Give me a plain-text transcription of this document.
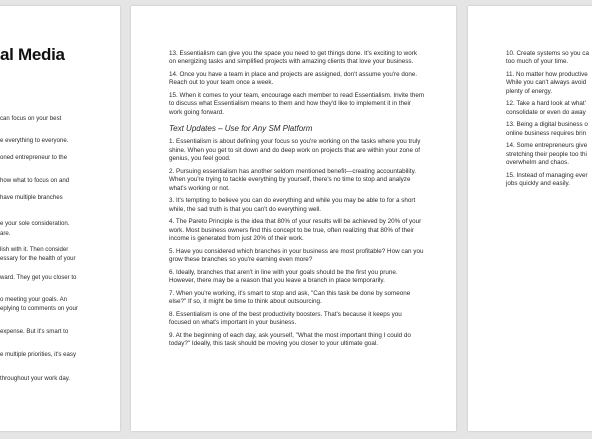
al Media

can focus on your best

e everything to everyone.

oned entrepreneur to the

how what to focus on and

have multiple branches

e your sole consideration.

are.

lish with it. Then consider

essary for the health of your

ward. They get you closer to

o meeting your goals. An

eplying to comments on your

expense. But it's smart to

e multiple priorities, it's easy

throughout your work day.

13. Essentialism can give you the space you need to get things done. It's exciting to work on energizing tasks and simplified projects with amazing clients that love your business.

14. Once you have a team in place and projects are assigned, don't assume you're done. Reach out to your team once a week.

15. When it comes to your team, encourage each member to read Essentialism. Invite them to discuss what Essentialism means to them and how they'd like to implement it in their work going forward.

Text Updates – Use for Any SM Platform

1. Essentialism is about defining your focus so you're working on the tasks where you truly shine. When you get to sit down and do deep work on projects that are within your zone of genius, you feel good.

2. Pursuing essentialism has another seldom mentioned benefit—creating accountability. When you're trying to tackle everything by yourself, there's no time to stop and analyze what's working or not.

3. It's tempting to believe you can do everything and while you may be able to for a short while, the sad truth is that you can't do everything well.

4. The Pareto Principle is the idea that 80% of your results will be achieved by 20% of your work. Most business owners find this concept to be true, often realizing that 80% of their income is generated from just 20% of their work.

5. Have you considered which branches in your business are most profitable? How can you grow these branches so you're earning even more?

6. Ideally, branches that aren't in line with your goals should be the first you prune. However, there may be a reason that you leave a branch in place temporarily.

7. When you're working, it's smart to stop and ask, "Can this task be done by someone else?" If so, it might be time to think about outsourcing.

8. Essentialism is one of the best productivity boosters. That's because it keeps you focused on what's important in your business.

9. At the beginning of each day, ask yourself, "What the most important thing I could do today?" Ideally, this task should be moving you closer to your ultimate goal.

10. Create systems so you ca

too much of your time.

11. No matter how productive

While you can't always avoid

plenty of energy.

12. Take a hard look at what'

consolidate or even do away

13. Being a digital business o

online business requires brin

14. Some entrepreneurs give

stretching their people too thi

overwhelm and chaos.

15. Instead of managing ever

jobs quickly and easily.
